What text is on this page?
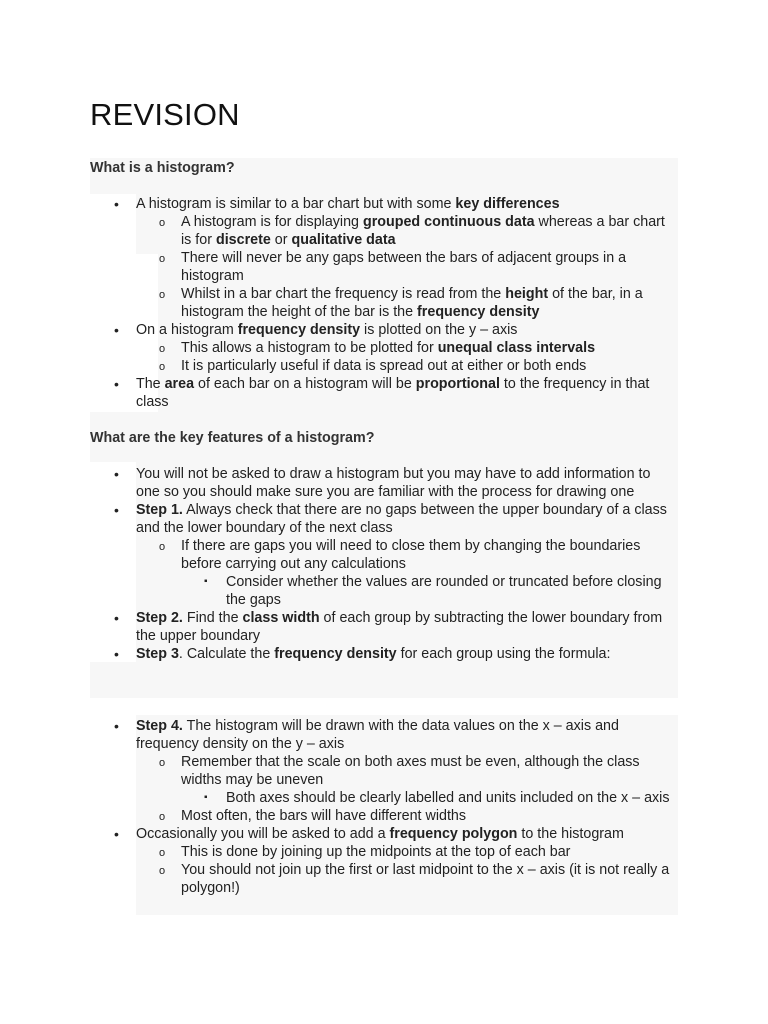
REVISION
What is a histogram?
• A histogram is similar to a bar chart but with some key differences
o A histogram is for displaying grouped continuous data whereas a bar chart is for discrete or qualitative data
o There will never be any gaps between the bars of adjacent groups in a histogram
o Whilst in a bar chart the frequency is read from the height of the bar, in a histogram the height of the bar is the frequency density
• On a histogram frequency density is plotted on the y – axis
o This allows a histogram to be plotted for unequal class intervals
o It is particularly useful if data is spread out at either or both ends
• The area of each bar on a histogram will be proportional to the frequency in that class
What are the key features of a histogram?
• You will not be asked to draw a histogram but you may have to add information to one so you should make sure you are familiar with the process for drawing one
• Step 1. Always check that there are no gaps between the upper boundary of a class and the lower boundary of the next class
o If there are gaps you will need to close them by changing the boundaries before carrying out any calculations
▪ Consider whether the values are rounded or truncated before closing the gaps
• Step 2. Find the class width of each group by subtracting the lower boundary from the upper boundary
• Step 3. Calculate the frequency density for each group using the formula:
• Step 4. The histogram will be drawn with the data values on the x – axis and frequency density on the y – axis
o Remember that the scale on both axes must be even, although the class widths may be uneven
▪ Both axes should be clearly labelled and units included on the x – axis
o Most often, the bars will have different widths
• Occasionally you will be asked to add a frequency polygon to the histogram
o This is done by joining up the midpoints at the top of each bar
o You should not join up the first or last midpoint to the x – axis (it is not really a polygon!)
